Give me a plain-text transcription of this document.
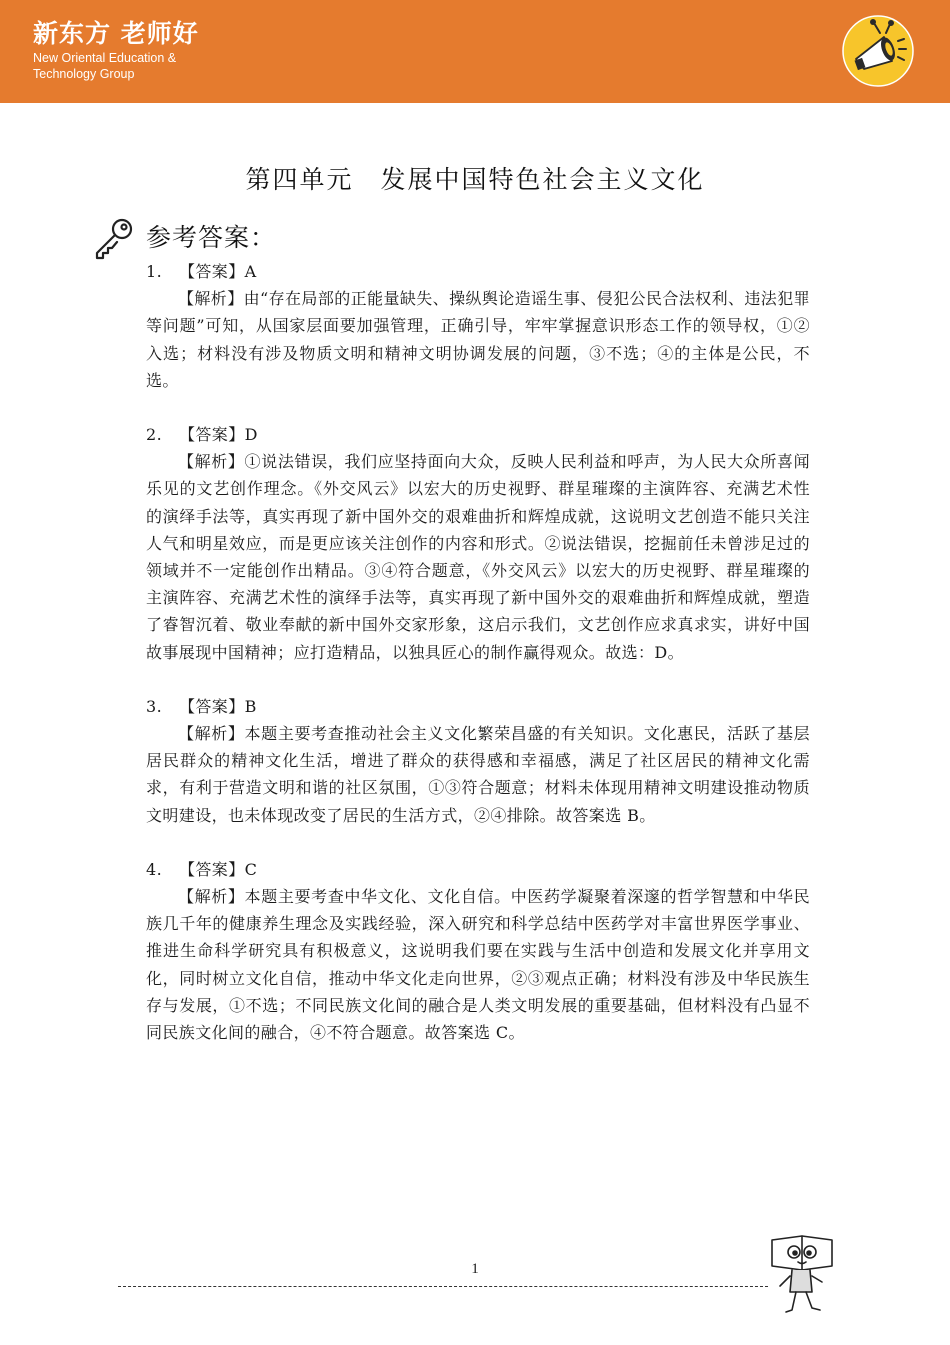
新东方 老师好
New Oriental Education &
Technology Group
第四单元　发展中国特色社会主义文化
参考答案：
1. 【答案】A
【解析】由“存在局部的正能量缺失、操纵舆论造谣生事、侵犯公民合法权利、违法犯罪等问题”可知，从国家层面要加强管理，正确引导，牢牢掌握意识形态工作的领导权，①②入选；材料没有涉及物质文明和精神文明协调发展的问题，③不选；④的主体是公民，不选。
2. 【答案】D
【解析】①说法错误，我们应坚持面向大众，反映人民利益和呼声，为人民大众所喜闻乐见的文艺创作理念。《外交风云》以宏大的历史视野、群星璀璨的主演阵容、充满艺术性的演绎手法等，真实再现了新中国外交的艰难曲折和辉煌成就，这说明文艺创造不能只关注人气和明星效应，而是更应该关注创作的内容和形式。②说法错误，挖掘前任未曾涉足过的领域并不一定能创作出精品。③④符合题意，《外交风云》以宏大的历史视野、群星璀璨的主演阵容、充满艺术性的演绎手法等，真实再现了新中国外交的艰难曲折和辉煌成就，塑造了睿智沉着、敬业奉献的新中国外交家形象，这启示我们，文艺创作应求真求实，讲好中国故事展现中国精神；应打造精品，以独具匠心的制作赢得观众。故选：D。
3. 【答案】B
【解析】本题主要考查推动社会主义文化繁荣昌盛的有关知识。文化惠民，活跃了基层居民群众的精神文化生活，增进了群众的获得感和幸福感，满足了社区居民的精神文化需求，有利于营造文明和谐的社区氛围，①③符合题意；材料未体现用精神文明建设推动物质文明建设，也未体现改变了居民的生活方式，②④排除。故答案选 B。
4. 【答案】C
【解析】本题主要考查中华文化、文化自信。中医药学凝聚着深邃的哲学智慧和中华民族几千年的健康养生理念及实践经验，深入研究和科学总结中医药学对丰富世界医学事业、推进生命科学研究具有积极意义，这说明我们要在实践与生活中创造和发展文化并享用文化，同时树立文化自信，推动中华文化走向世界，②③观点正确；材料没有涉及中华民族生存与发展，①不选；不同民族文化间的融合是人类文明发展的重要基础，但材料没有凸显不同民族文化间的融合，④不符合题意。故答案选 C。
1
